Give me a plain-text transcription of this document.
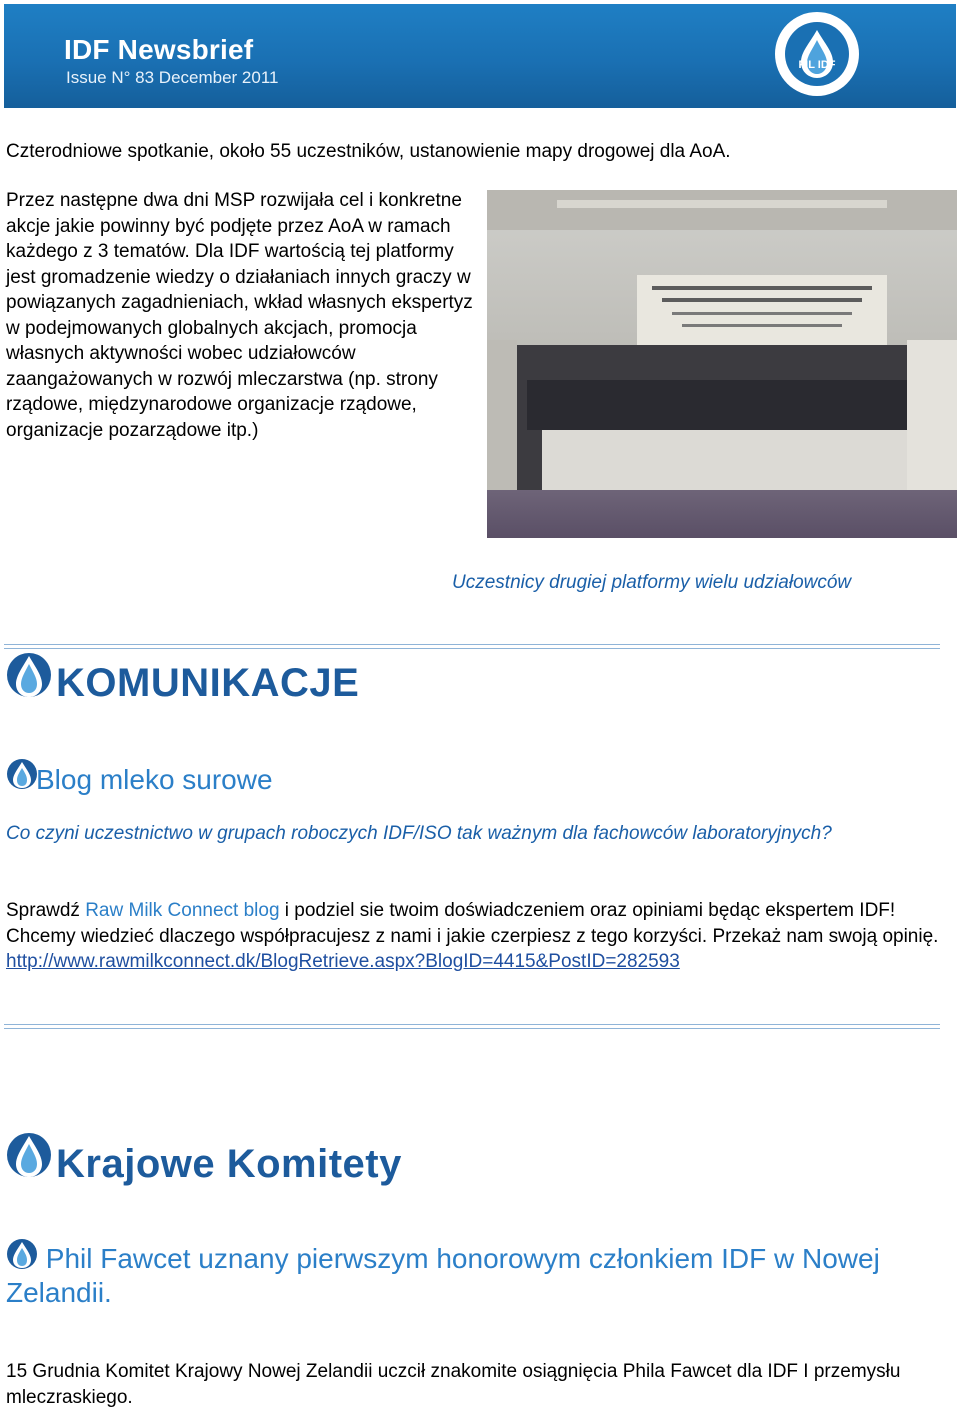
IDF Newsbrief
Issue N° 83 December 2011
FIL IDF
Czterodniowe spotkanie, około 55 uczestników, ustanowienie mapy drogowej dla AoA.
Przez następne dwa dni MSP rozwijała cel i konkretne akcje jakie powinny być podjęte przez AoA w ramach każdego z 3 tematów. Dla IDF wartością tej platformy jest gromadzenie wiedzy o działaniach innych graczy w powiązanych zagadnieniach, wkład własnych ekspertyz w podejmowanych globalnych akcjach, promocja własnych aktywności wobec udziałowców zaangażowanych w rozwój mleczarstwa (np. strony rządowe, międzynarodowe organizacje rządowe, organizacje pozarządowe itp.)
Uczestnicy drugiej platformy wielu udziałowców
KOMUNIKACJE
Blog mleko surowe
Co czyni uczestnictwo w grupach roboczych IDF/ISO tak ważnym dla fachowców laboratoryjnych?
Sprawdź Raw Milk Connect blog i podziel sie twoim doświadczeniem oraz opiniami będąc ekspertem IDF!
Chcemy wiedzieć dlaczego współpracujesz z nami i jakie czerpiesz z tego korzyści. Przekaż nam swoją opinię.
http://www.rawmilkconnect.dk/BlogRetrieve.aspx?BlogID=4415&PostID=282593
Krajowe Komitety
Phil Fawcet uznany pierwszym honorowym członkiem IDF w Nowej Zelandii.
15 Grudnia Komitet Krajowy Nowej Zelandii uczcił znakomite osiągnięcia Phila Fawcet dla IDF I przemysłu mleczraskiego.
